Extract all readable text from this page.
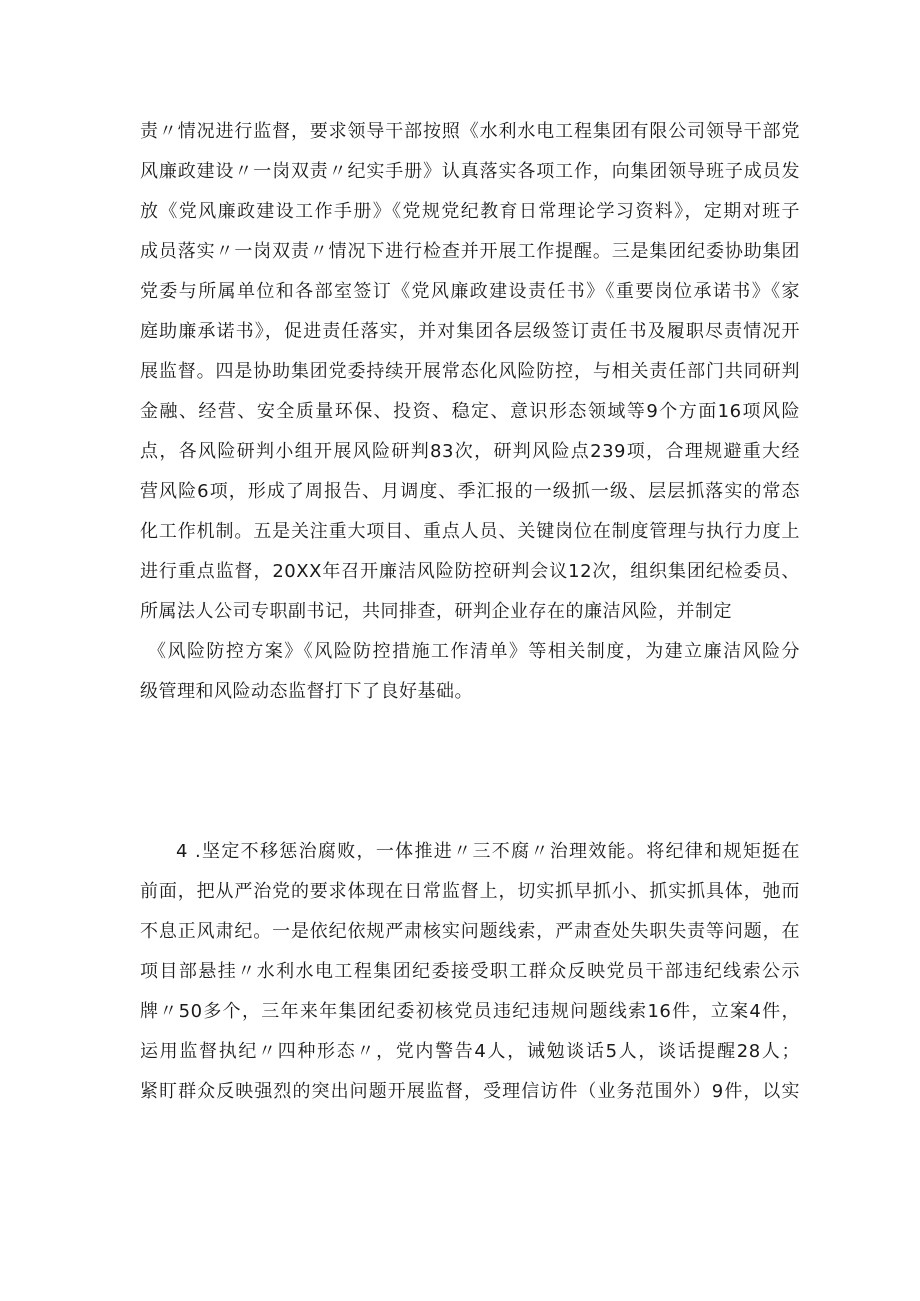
责〃情况进行监督，要求领导干部按照《水利水电工程集团有限公司领导干部党
风廉政建设〃一岗双责〃纪实手册》认真落实各项工作，向集团领导班子成员发
放《党风廉政建设工作手册》《党规党纪教育日常理论学习资料》，定期对班子
成员落实〃一岗双责〃情况下进行检查并开展工作提醒。三是集团纪委协助集团
党委与所属单位和各部室签订《党风廉政建设责任书》《重要岗位承诺书》《家
庭助廉承诺书》，促进责任落实，并对集团各层级签订责任书及履职尽责情况开
展监督。四是协助集团党委持续开展常态化风险防控，与相关责任部门共同研判
金融、经营、安全质量环保、投资、稳定、意识形态领域等9个方面16项风险
点，各风险研判小组开展风险研判83次，研判风险点239项，合理规避重大经
营风险6项，形成了周报告、月调度、季汇报的一级抓一级、层层抓落实的常态
化工作机制。五是关注重大项目、重点人员、关键岗位在制度管理与执行力度上
进行重点监督，20XX年召开廉洁风险防控研判会议12次，组织集团纪检委员、
所属法人公司专职副书记，共同排查，研判企业存在的廉洁风险，并制定
《风险防控方案》《风险防控措施工作清单》等相关制度，为建立廉洁风险分
级管理和风险动态监督打下了良好基础。
4 .坚定不移惩治腐败，一体推进〃三不腐〃治理效能。将纪律和规矩挺在
前面，把从严治党的要求体现在日常监督上，切实抓早抓小、抓实抓具体，弛而
不息正风肃纪。一是依纪依规严肃核实问题线索，严肃查处失职失责等问题，在
项目部悬挂〃水利水电工程集团纪委接受职工群众反映党员干部违纪线索公示
牌〃50多个，三年来年集团纪委初核党员违纪违规问题线索16件，立案4件，
运用监督执纪〃四种形态〃，党内警告4人，诫勉谈话5人，谈话提醒28人；
紧盯群众反映强烈的突出问题开展监督，受理信访件（业务范围外）9件，以实
